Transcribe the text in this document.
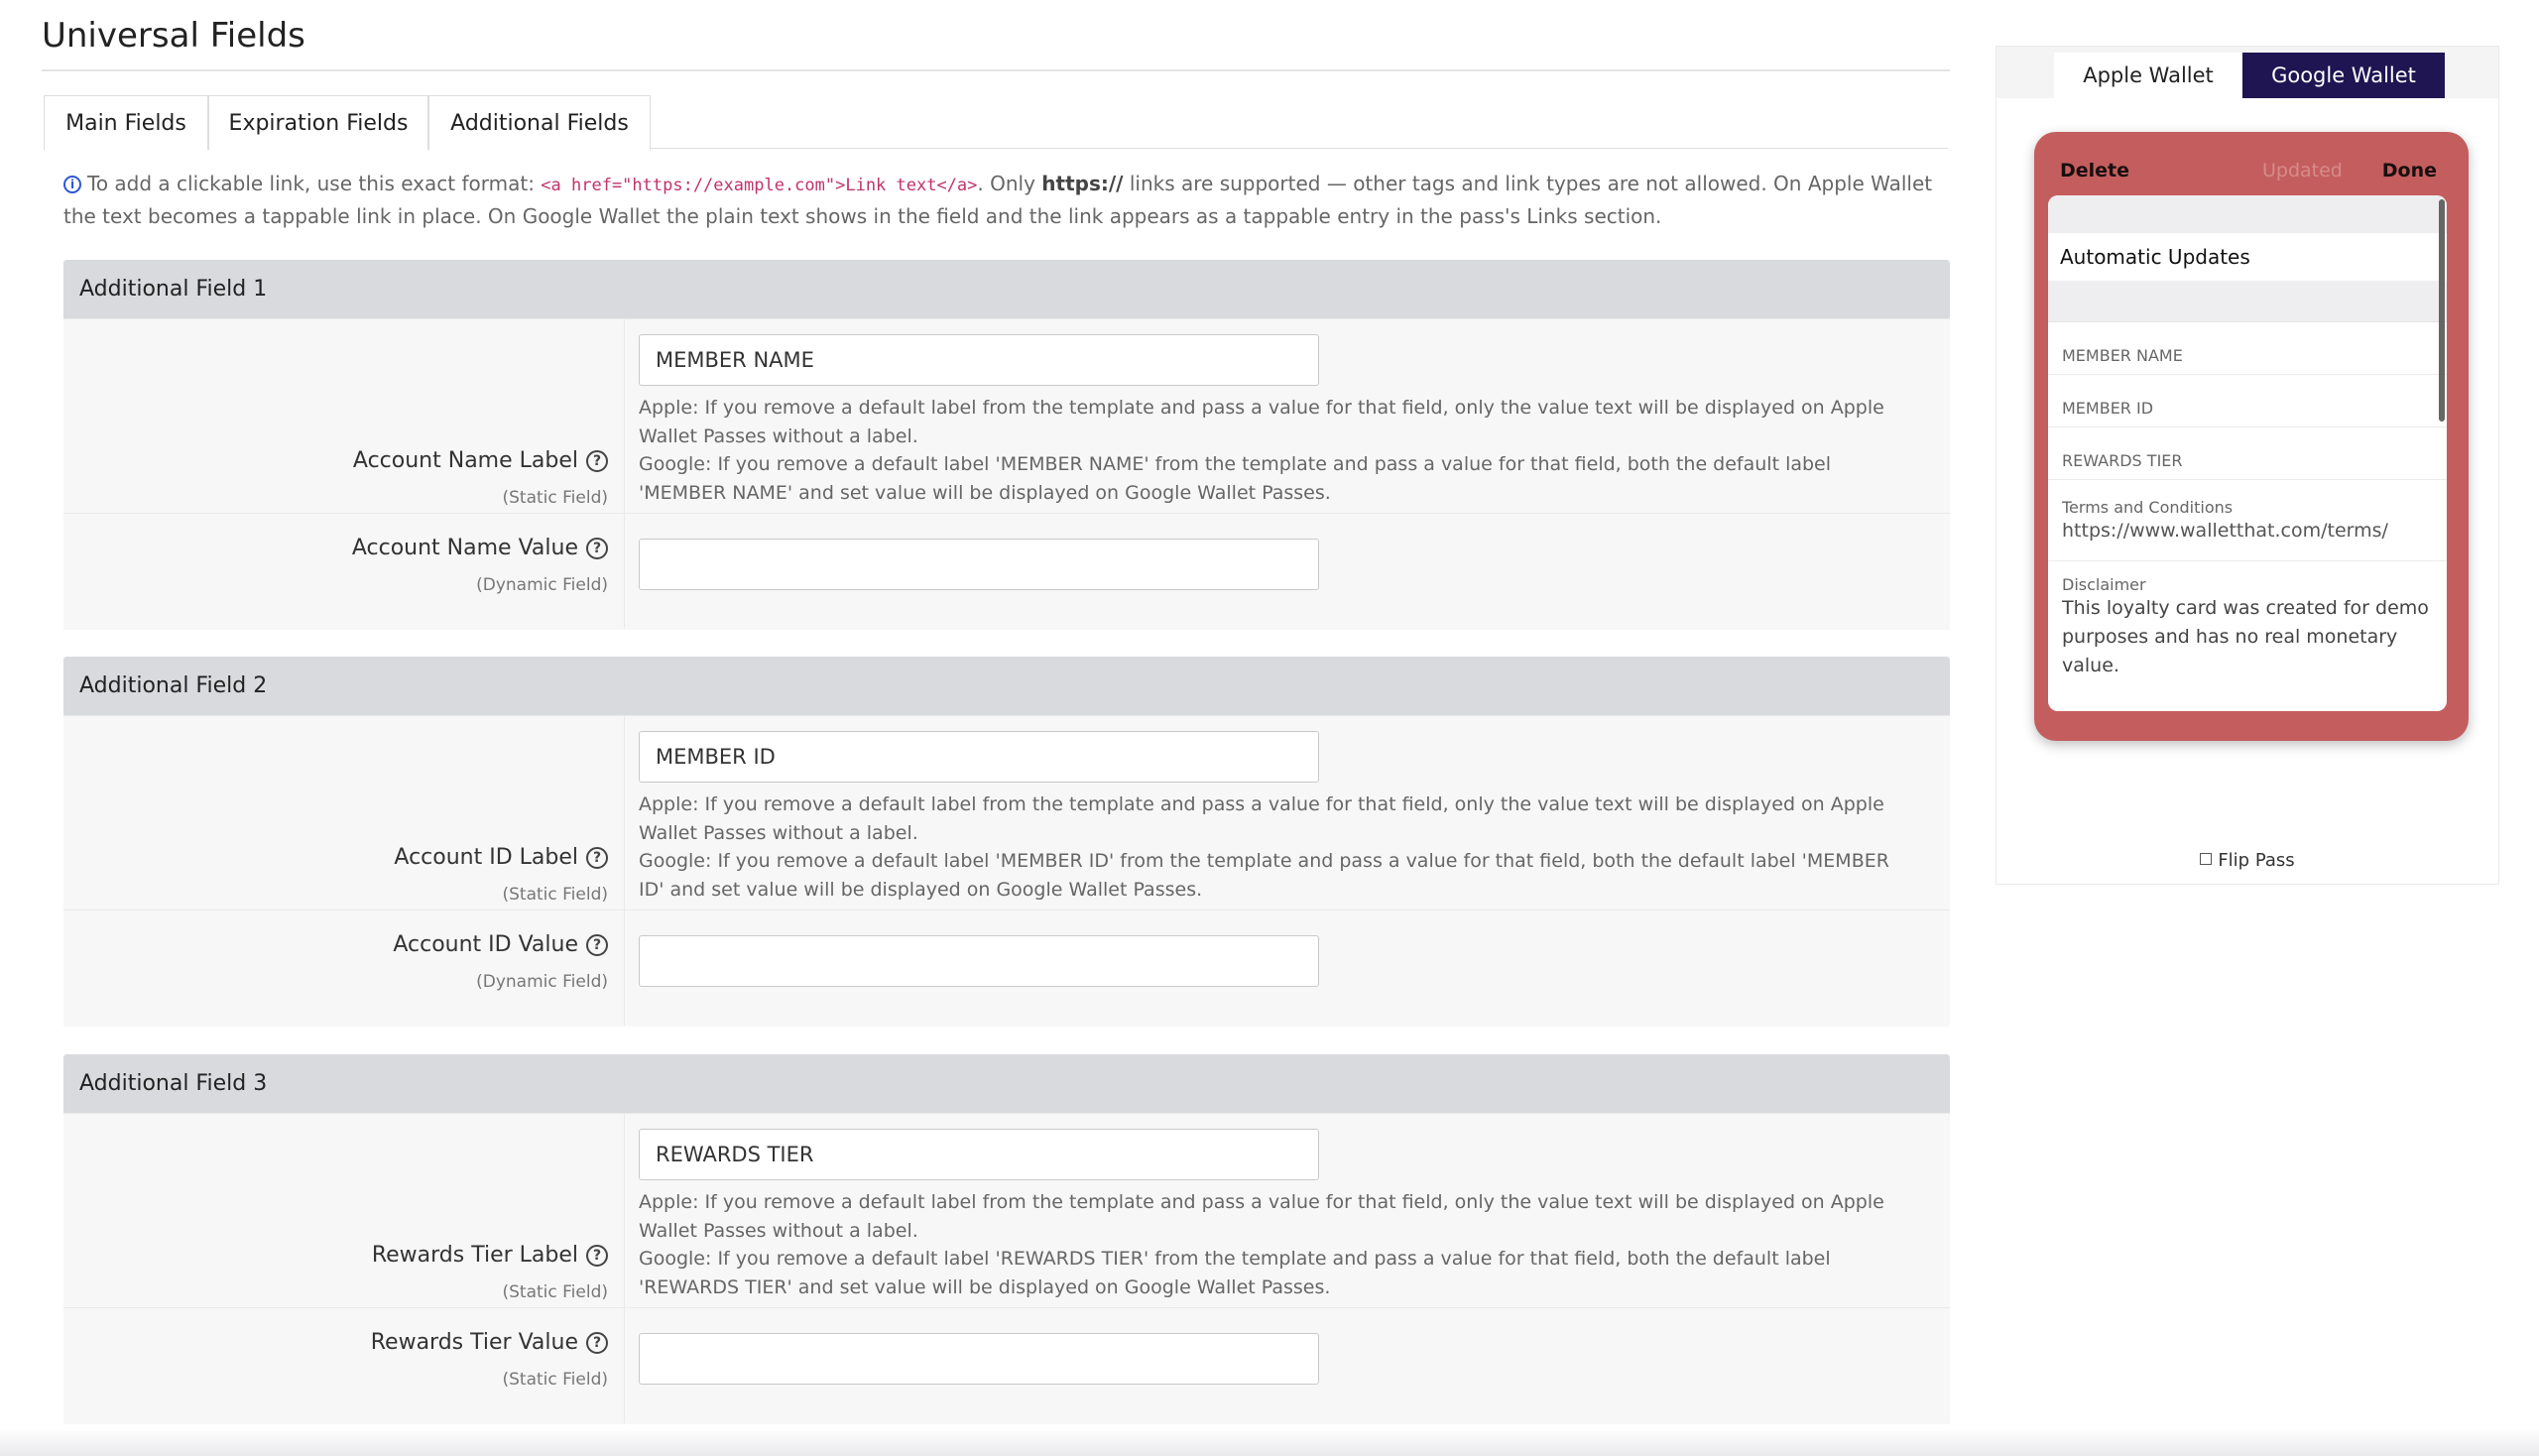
Universal Fields
Main Fields	Expiration Fields	Additional Fields
i To add a clickable link, use this exact format: <a href="https://example.com">Link text</a>. Only https:// links are supported — other tags and link types are not allowed. On Apple Wallet the text becomes a tappable link in place. On Google Wallet the plain text shows in the field and the link appears as a tappable entry in the pass's Links section.
Additional Field 1
Account Name Label	?
(Static Field)
MEMBER NAME
Apple: If you remove a default label from the template and pass a value for that field, only the value text will be displayed on Apple Wallet Passes without a label.
Google: If you remove a default label 'MEMBER NAME' from the template and pass a value for that field, both the default label 'MEMBER NAME' and set value will be displayed on Google Wallet Passes.
Account Name Value	?
(Dynamic Field)
Additional Field 2
Account ID Label	?
(Static Field)
MEMBER ID
Apple: If you remove a default label from the template and pass a value for that field, only the value text will be displayed on Apple Wallet Passes without a label.
Google: If you remove a default label 'MEMBER ID' from the template and pass a value for that field, both the default label 'MEMBER ID' and set value will be displayed on Google Wallet Passes.
Account ID Value	?
(Dynamic Field)
Additional Field 3
Rewards Tier Label	?
(Static Field)
REWARDS TIER
Apple: If you remove a default label from the template and pass a value for that field, only the value text will be displayed on Apple Wallet Passes without a label.
Google: If you remove a default label 'REWARDS TIER' from the template and pass a value for that field, both the default label 'REWARDS TIER' and set value will be displayed on Google Wallet Passes.
Rewards Tier Value	?
(Static Field)
Apple Wallet	Google Wallet
Delete	Updated Done
Automatic Updates
MEMBER NAME
MEMBER ID
REWARDS TIER
Terms and Conditions
https://www.walletthat.com/terms/
Disclaimer
This loyalty card was created for demo purposes and has no real monetary value.
Flip Pass
